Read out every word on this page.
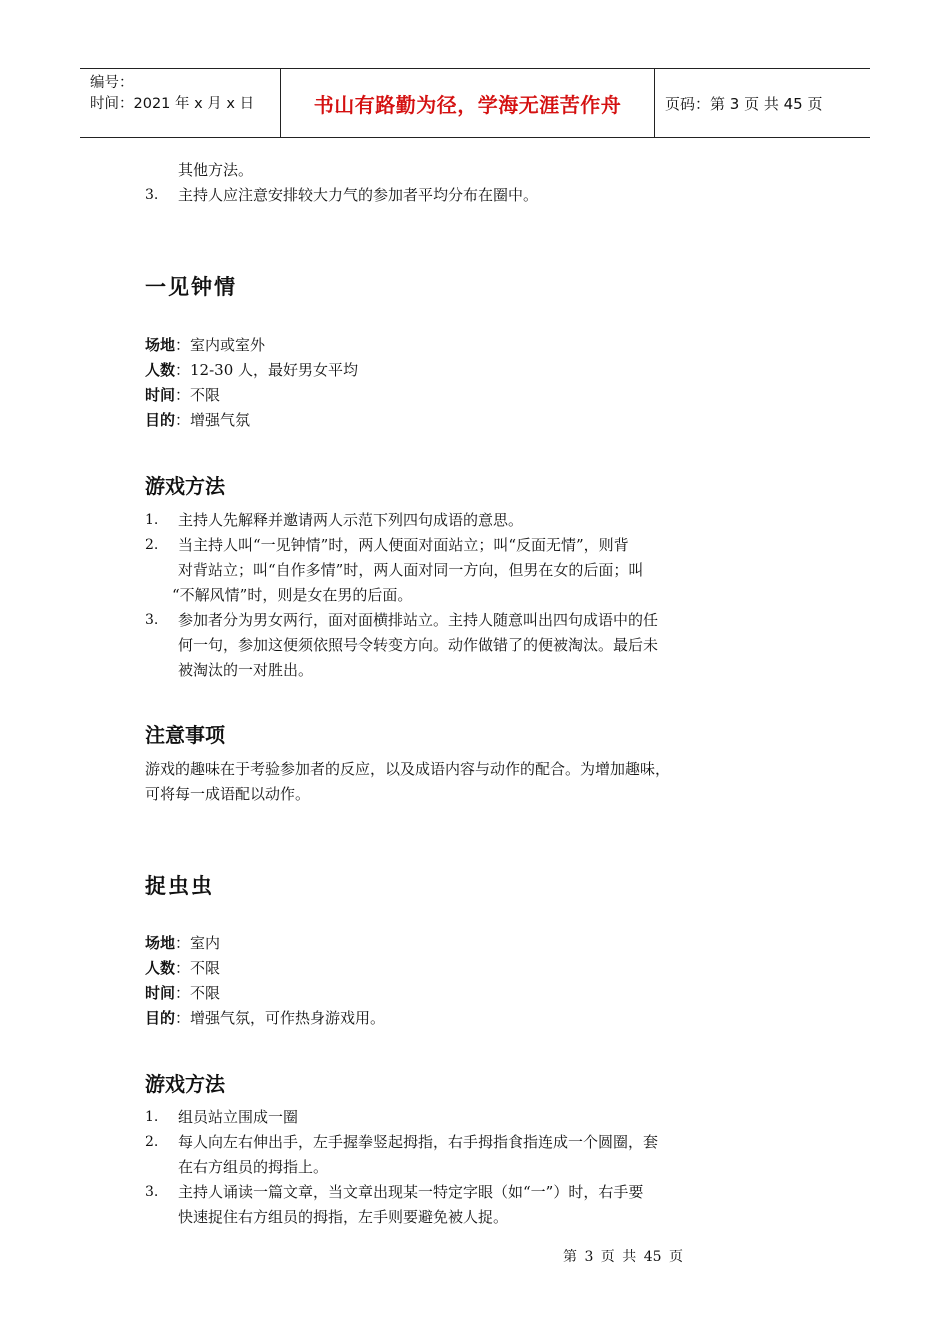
编号：
时间：2021 年 x 月 x 日	书山有路勤为径，学海无涯苦作舟	页码：第 3 页 共 45 页
其他方法。
3. 主持人应注意安排较大力气的参加者平均分布在圈中。
一见钟情
场地：室内或室外
人数：12-30 人，最好男女平均
时间：不限
目的：增强气氛
游戏方法
1. 主持人先解释并邀请两人示范下列四句成语的意思。
2. 当主持人叫“一见钟情”时，两人便面对面站立；叫“反面无情”，则背
对背站立；叫“自作多情”时，两人面对同一方向，但男在女的后面；叫
“不解风情”时，则是女在男的后面。
3. 参加者分为男女两行，面对面横排站立。主持人随意叫出四句成语中的任
何一句，参加这便须依照号令转变方向。动作做错了的便被淘汰。最后未
被淘汰的一对胜出。
注意事项
游戏的趣味在于考验参加者的反应，以及成语内容与动作的配合。为增加趣味，
可将每一成语配以动作。
捉虫虫
场地：室内
人数：不限
时间：不限
目的：增强气氛，可作热身游戏用。
游戏方法
1. 组员站立围成一圈
2. 每人向左右伸出手，左手握拳竖起拇指，右手拇指食指连成一个圆圈，套
在右方组员的拇指上。
3. 主持人诵读一篇文章，当文章出现某一特定字眼（如“一”）时，右手要
快速捉住右方组员的拇指，左手则要避免被人捉。
第 3 页 共 45 页
